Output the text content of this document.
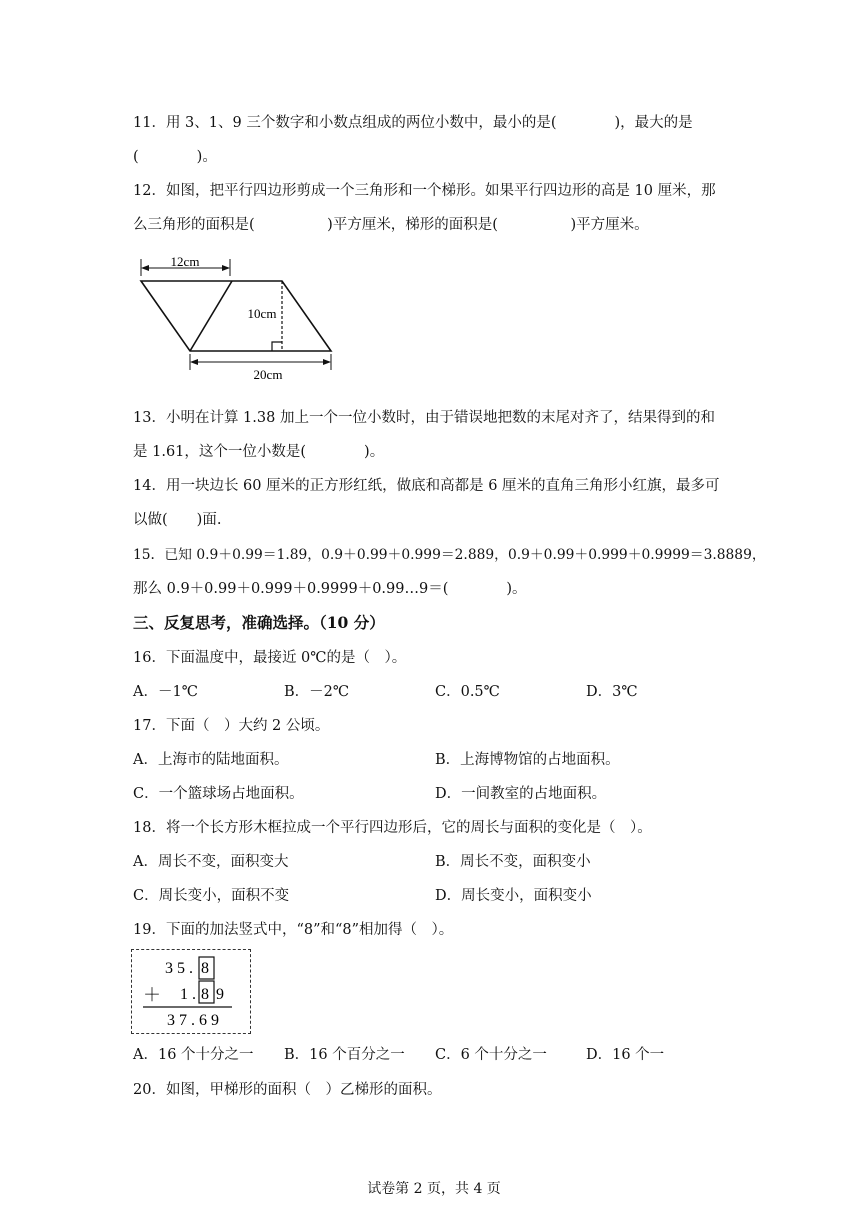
11．用 3、1、9 三个数字和小数点组成的两位小数中，最小的是(　　　　)，最大的是
(　　　　)。
12．如图，把平行四边形剪成一个三角形和一个梯形。如果平行四边形的高是 10 厘米，那
么三角形的面积是(　　　　　)平方厘米，梯形的面积是(　　　　　)平方厘米。
12cm
10cm
20cm
13．小明在计算 1.38 加上一个一位小数时，由于错误地把数的末尾对齐了，结果得到的和
是 1.61，这个一位小数是(　　　　)。
14．用一块边长 60 厘米的正方形红纸，做底和高都是 6 厘米的直角三角形小红旗，最多可
以做(　　)面.
15．已知 0.9＋0.99＝1.89，0.9＋0.99＋0.999＝2.889，0.9＋0.99＋0.999＋0.9999＝3.8889，
那么 0.9＋0.99＋0.999＋0.9999＋0.99…9＝(　　　　)。
三、反复思考，准确选择。（10 分）
16．下面温度中，最接近 0℃的是（　）。
A．－1℃	B．－2℃	C．0.5℃	D．3℃
17．下面（　）大约 2 公顷。
A．上海市的陆地面积。	B．上海博物馆的占地面积。
C．一个篮球场占地面积。	D．一间教室的占地面积。
18．将一个长方形木框拉成一个平行四边形后，它的周长与面积的变化是（　）。
A．周长不变，面积变大	B．周长不变，面积变小
C．周长变小，面积不变	D．周长变小，面积变小
19．下面的加法竖式中，“8”和“8”相加得（　）。
3 5 . 8
＋ 1 . 8 9
3 7 . 6 9
A．16 个十分之一 B．16 个百分之一 C．6 个十分之一	D．16 个一
20．如图，甲梯形的面积（　）乙梯形的面积。
试卷第 2 页，共 4 页
